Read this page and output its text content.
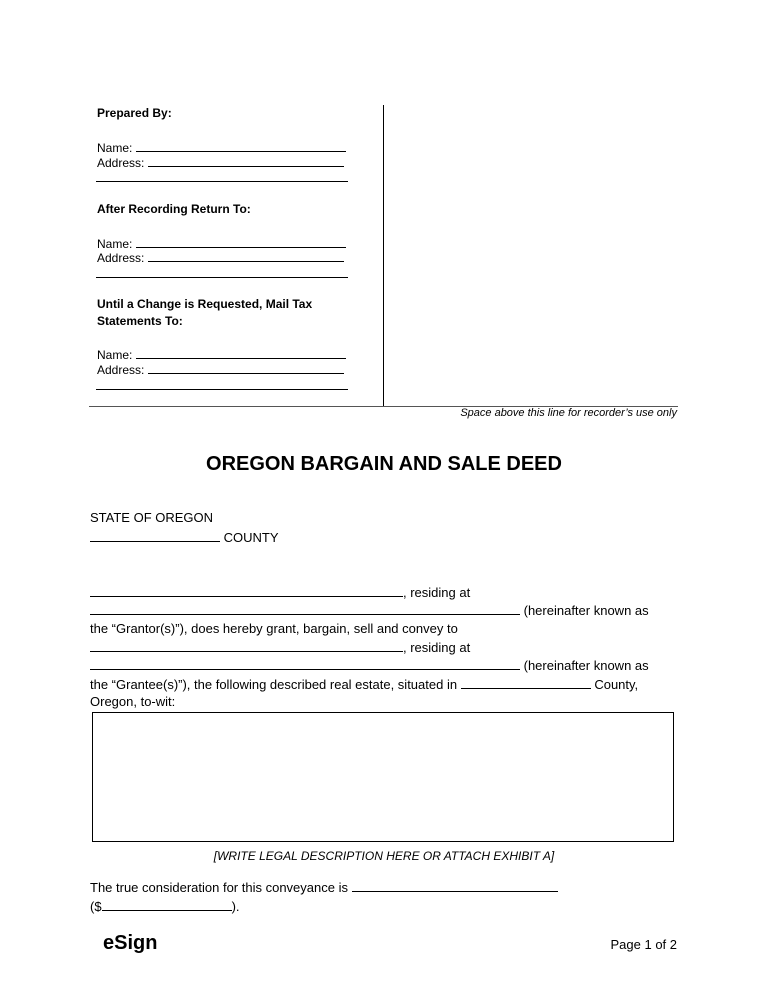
Prepared By:
Name:
Address:
After Recording Return To:
Name:
Address:
Until a Change is Requested, Mail Tax
Statements To:
Name:
Address:
Space above this line for recorder’s use only
OREGON BARGAIN AND SALE DEED
STATE OF OREGON
COUNTY
, residing at
(hereinafter known as
the “Grantor(s)”), does hereby grant, bargain, sell and convey to
, residing at
(hereinafter known as
the “Grantee(s)”), the following described real estate, situated in	County,
Oregon, to-wit:
[WRITE LEGAL DESCRIPTION HERE OR ATTACH EXHIBIT A]
The true consideration for this conveyance is
($	).
eSign	Page 1 of 2
